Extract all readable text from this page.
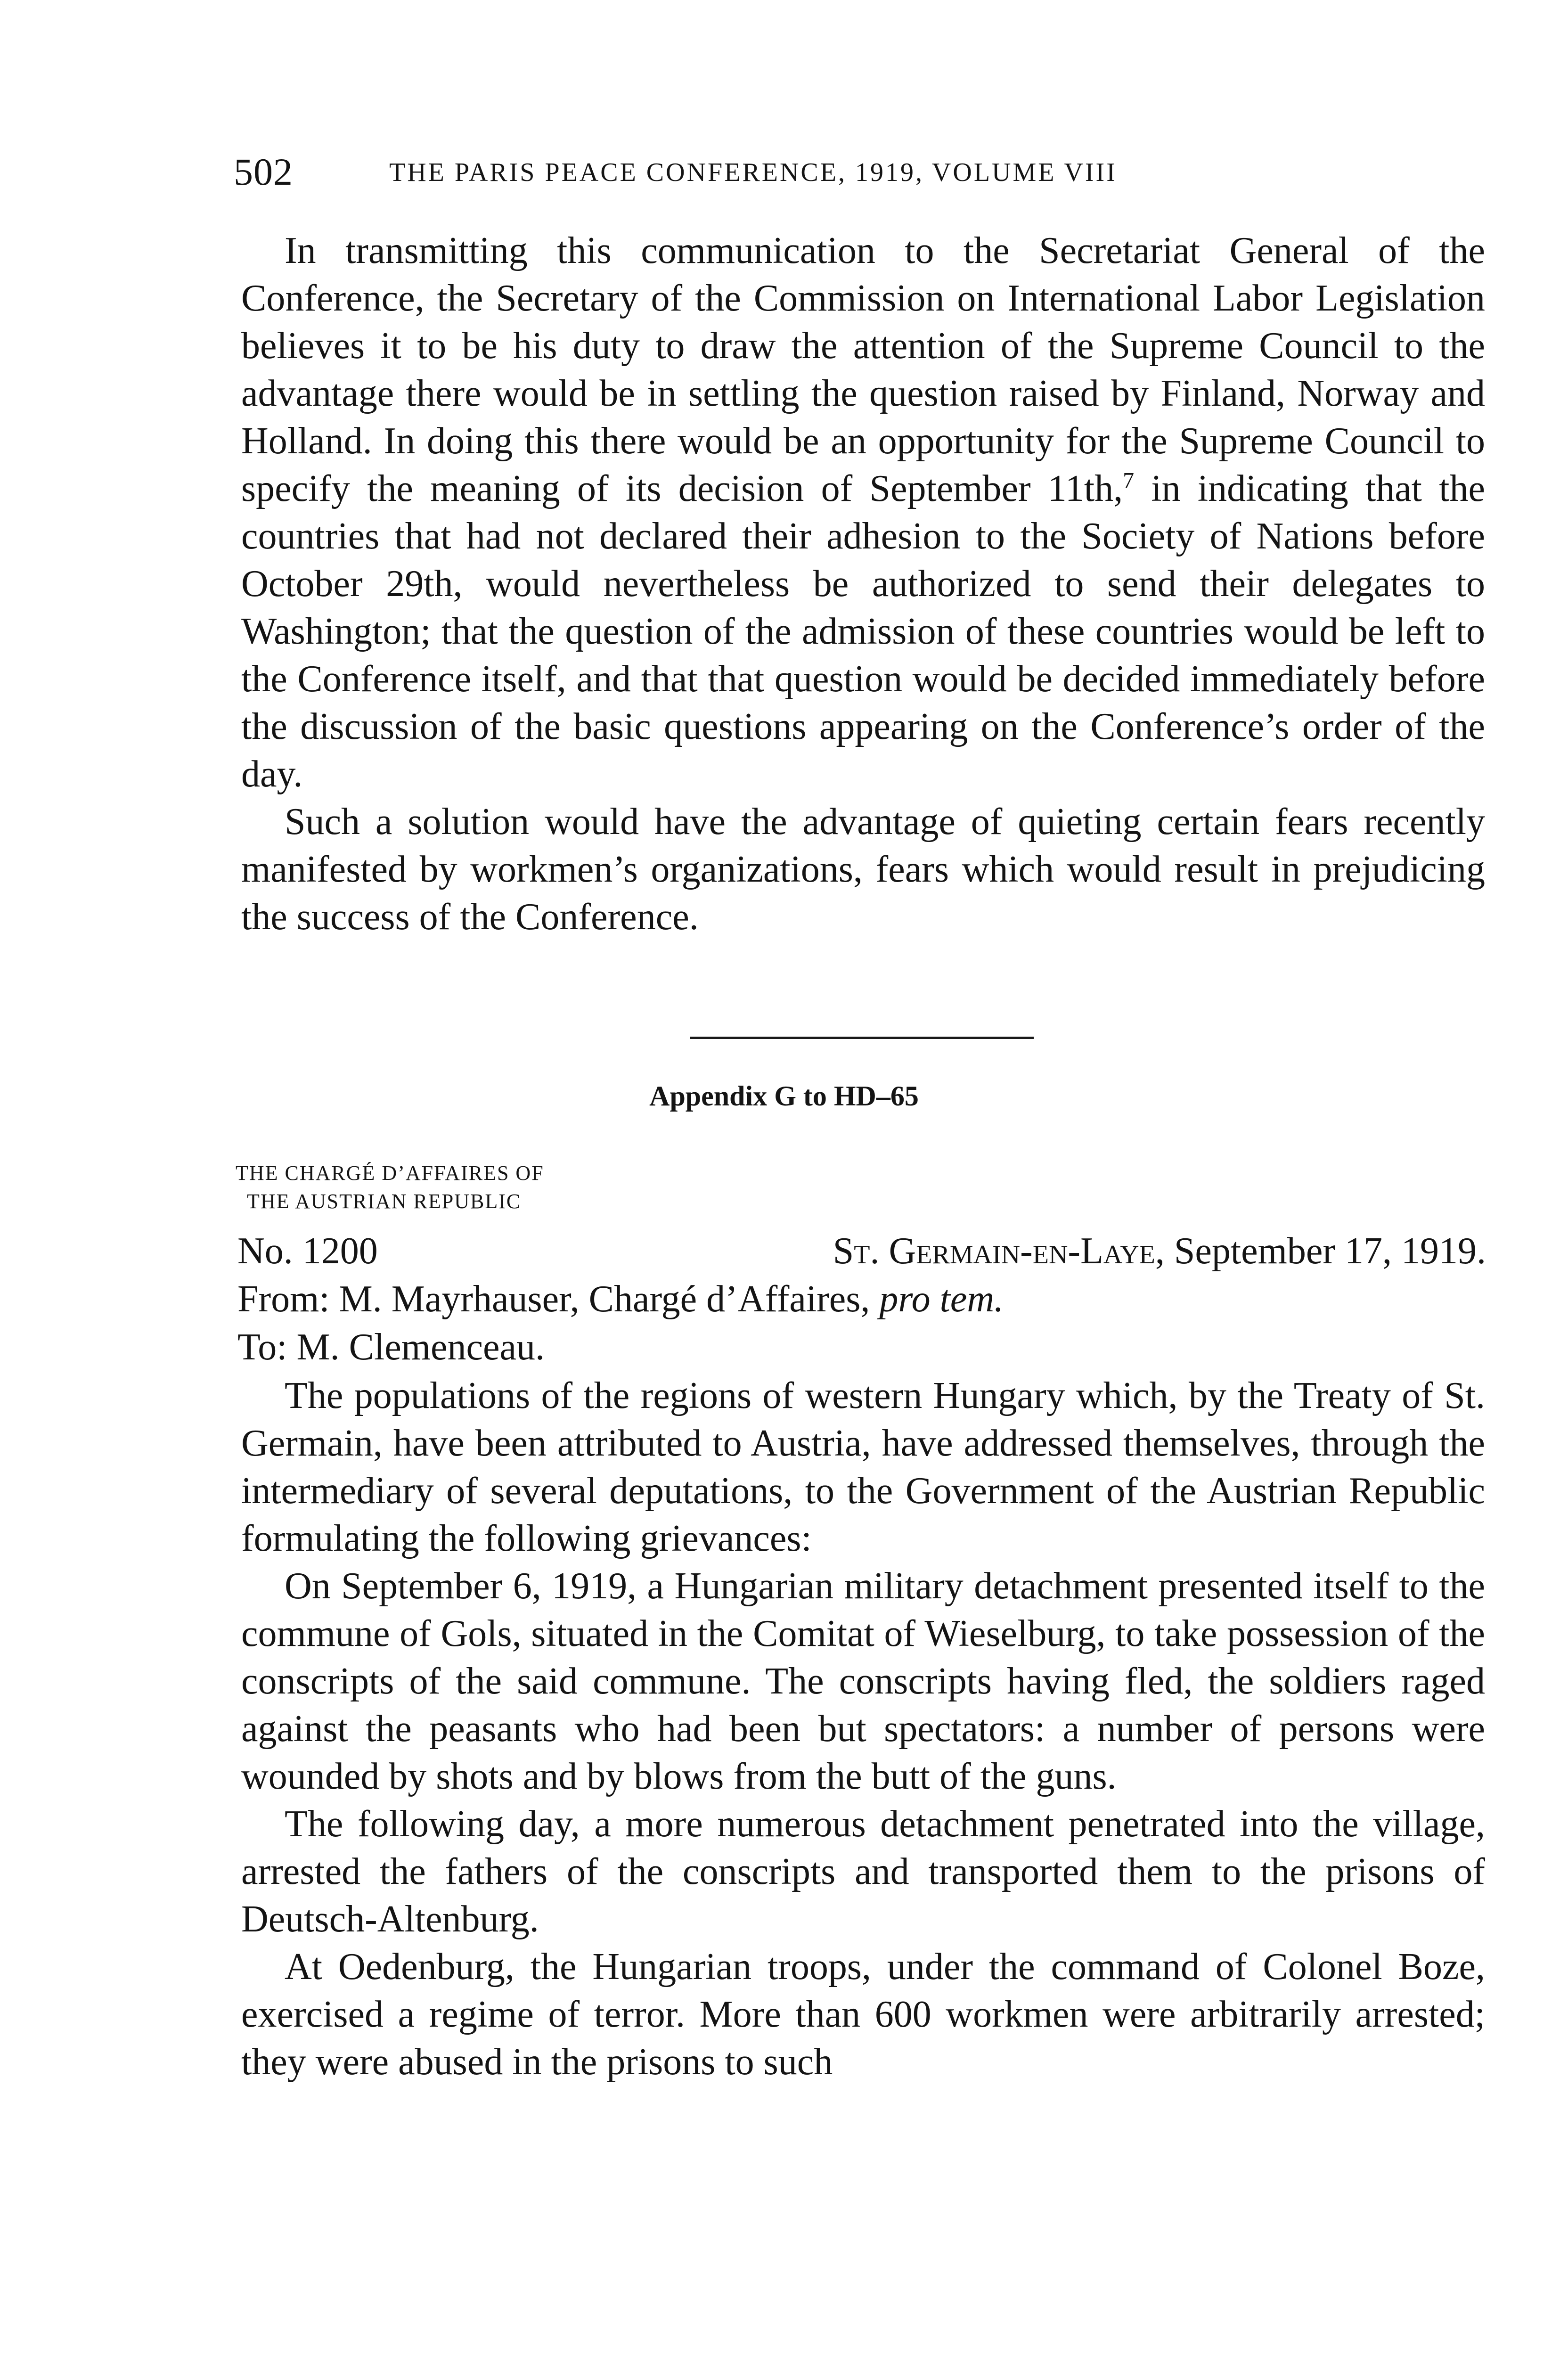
502	THE PARIS PEACE CONFERENCE, 1919, VOLUME VIII

In transmitting this communication to the Secretariat General of the Conference, the Secretary of the Commission on International Labor Legislation believes it to be his duty to draw the attention of the Supreme Council to the advantage there would be in settling the question raised by Finland, Norway and Holland. In doing this there would be an opportunity for the Supreme Council to specify the meaning of its decision of September 11th,$^7$ in indicating that the countries that had not declared their adhesion to the Society of Nations before October 29th, would nevertheless be authorized to send their delegates to Washington; that the question of the admission of these countries would be left to the Conference itself, and that that question would be decided immediately before the discussion of the basic questions appearing on the Conference’s order of the day.

Such a solution would have the advantage of quieting certain fears recently manifested by workmen’s organizations, fears which would result in prejudicing the success of the Conference.

Appendix G to HD–65
THE CHARGÉ D’AFFAIRES OF
THE AUSTRIAN REPUBLIC
No. 1200	St. Germain-en-Laye, September 17, 1919.
From: M. Mayrhauser, Chargé d’Affaires, pro tem.
To: M. Clemenceau.

The populations of the regions of western Hungary which, by the Treaty of St. Germain, have been attributed to Austria, have addressed themselves, through the intermediary of several deputations, to the Government of the Austrian Republic formulating the following grievances:

On September 6, 1919, a Hungarian military detachment presented itself to the commune of Gols, situated in the Comitat of Wieselburg, to take possession of the conscripts of the said commune. The conscripts having fled, the soldiers raged against the peasants who had been but spectators: a number of persons were wounded by shots and by blows from the butt of the guns.

The following day, a more numerous detachment penetrated into the village, arrested the fathers of the conscripts and transported them to the prisons of Deutsch-Altenburg.

At Oedenburg, the Hungarian troops, under the command of Colonel Boze, exercised a regime of terror. More than 600 workmen were arbitrarily arrested; they were abused in the prisons to such
